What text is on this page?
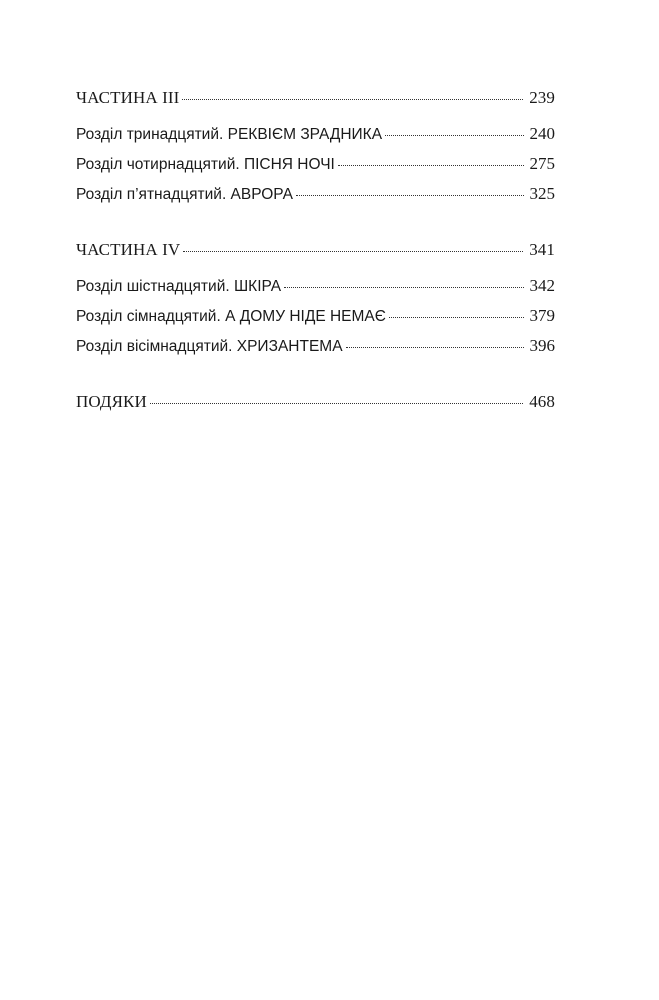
ЧАСТИНА III	239
Розділ тринадцятий. РЕКВІЄМ ЗРАДНИКА	240
Розділ чотирнадцятий. ПІСНЯ НОЧІ	275
Розділ п’ятнадцятий. АВРОРА	325
ЧАСТИНА IV	341
Розділ шістнадцятий. ШКІРА	342
Розділ сімнадцятий. А ДОМУ НІДЕ НЕМАЄ	379
Розділ вісімнадцятий. ХРИЗАНТЕМА	396
ПОДЯКИ	468
